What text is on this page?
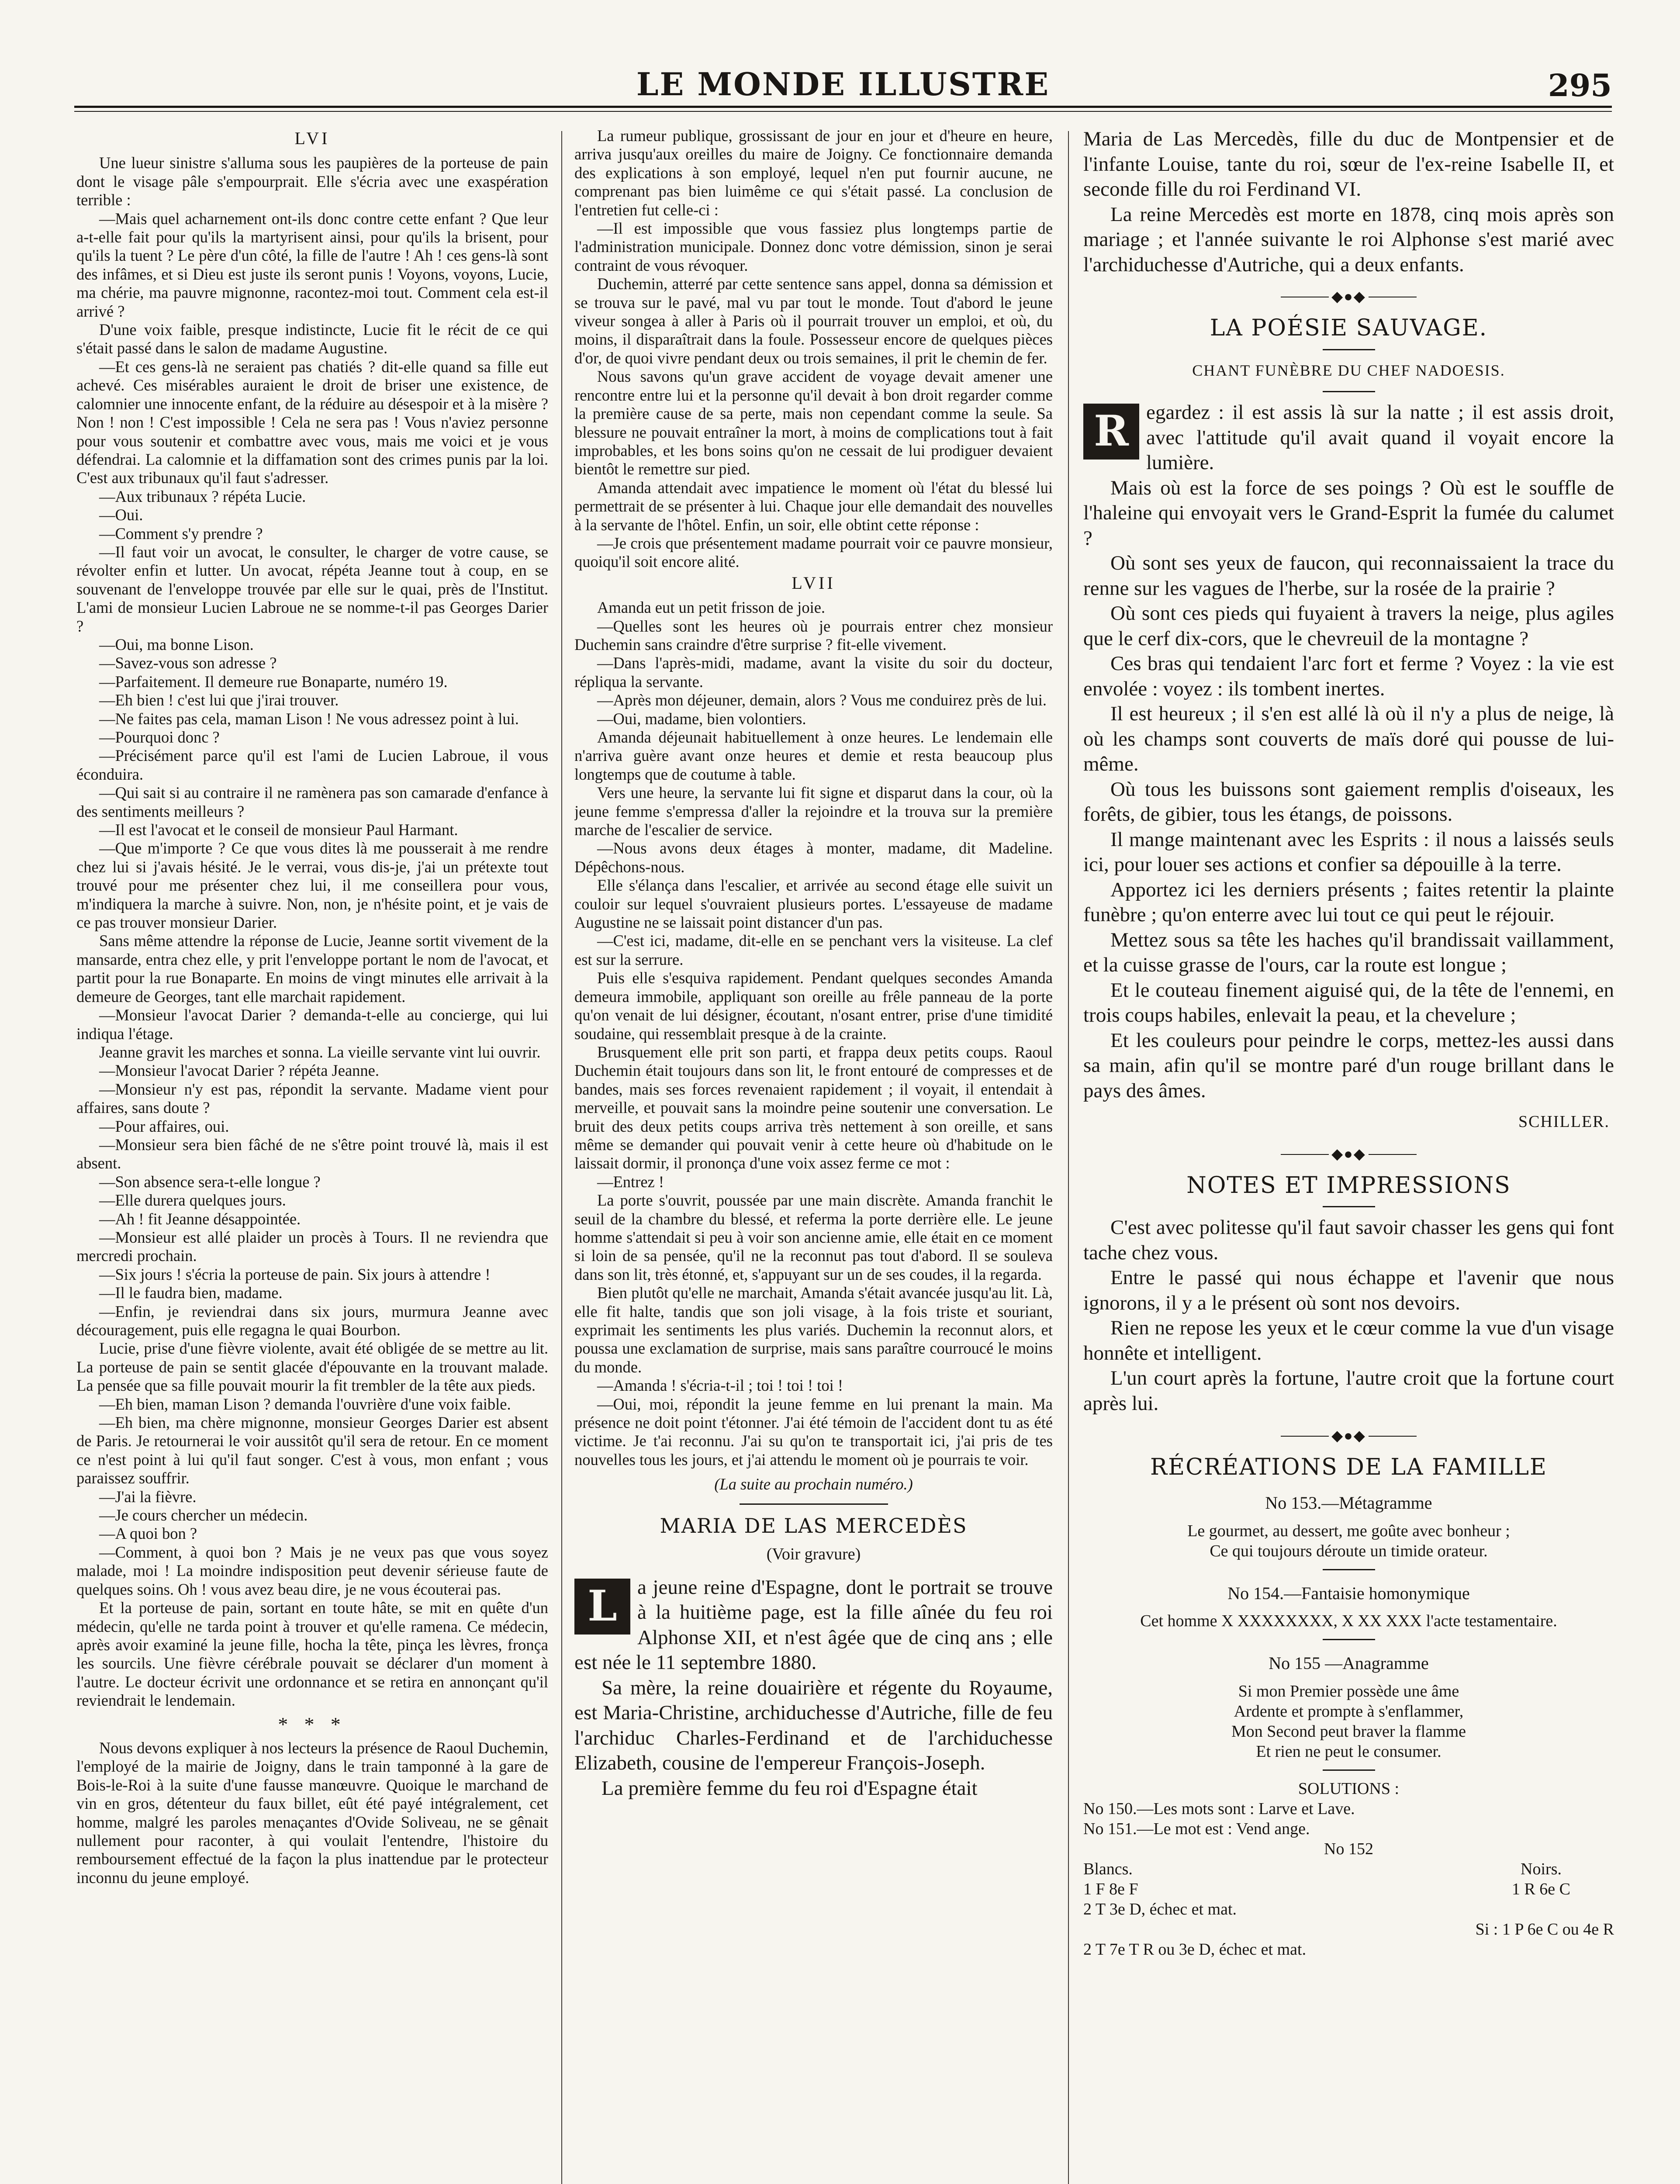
LE MONDE ILLUSTRE	295
LVI

Une lueur sinistre s'alluma sous les paupières de la porteuse de pain dont le visage pâle s'empourprait. Elle s'écria avec une exaspération terrible :

—Mais quel acharnement ont-ils donc contre cette enfant ? Que leur a-t-elle fait pour qu'ils la martyrisent ainsi, pour qu'ils la brisent, pour qu'ils la tuent ? Le père d'un côté, la fille de l'autre ! Ah ! ces gens-là sont des infâmes, et si Dieu est juste ils seront punis ! Voyons, voyons, Lucie, ma chérie, ma pauvre mignonne, racontez-moi tout. Comment cela est-il arrivé ?

D'une voix faible, presque indistincte, Lucie fit le récit de ce qui s'était passé dans le salon de madame Augustine.

—Et ces gens-là ne seraient pas chatiés ? dit-elle quand sa fille eut achevé. Ces misérables auraient le droit de briser une existence, de calomnier une innocente enfant, de la réduire au désespoir et à la misère ? Non ! non ! C'est impossible ! Cela ne sera pas ! Vous n'aviez personne pour vous soutenir et combattre avec vous, mais me voici et je vous défendrai. La calomnie et la diffamation sont des crimes punis par la loi. C'est aux tribunaux qu'il faut s'adresser.

—Aux tribunaux ? répéta Lucie.

—Oui.

—Comment s'y prendre ?

—Il faut voir un avocat, le consulter, le charger de votre cause, se révolter enfin et lutter. Un avocat, répéta Jeanne tout à coup, en se souvenant de l'enveloppe trouvée par elle sur le quai, près de l'Institut. L'ami de monsieur Lucien Labroue ne se nomme-t-il pas Georges Darier ?

—Oui, ma bonne Lison.

—Savez-vous son adresse ?

—Parfaitement. Il demeure rue Bonaparte, numéro 19.

—Eh bien ! c'est lui que j'irai trouver.

—Ne faites pas cela, maman Lison ! Ne vous adressez point à lui.

—Pourquoi donc ?

—Précisément parce qu'il est l'ami de Lucien Labroue, il vous éconduira.

—Qui sait si au contraire il ne ramènera pas son camarade d'enfance à des sentiments meilleurs ?

—Il est l'avocat et le conseil de monsieur Paul Harmant.

—Que m'importe ? Ce que vous dites là me pousserait à me rendre chez lui si j'avais hésité. Je le verrai, vous dis-je, j'ai un prétexte tout trouvé pour me présenter chez lui, il me conseillera pour vous, m'indiquera la marche à suivre. Non, non, je n'hésite point, et je vais de ce pas trouver monsieur Darier.

Sans même attendre la réponse de Lucie, Jeanne sortit vivement de la mansarde, entra chez elle, y prit l'enveloppe portant le nom de l'avocat, et partit pour la rue Bonaparte. En moins de vingt minutes elle arrivait à la demeure de Georges, tant elle marchait rapidement.

—Monsieur l'avocat Darier ? demanda-t-elle au concierge, qui lui indiqua l'étage.

Jeanne gravit les marches et sonna. La vieille servante vint lui ouvrir.

—Monsieur l'avocat Darier ? répéta Jeanne.

—Monsieur n'y est pas, répondit la servante. Madame vient pour affaires, sans doute ?

—Pour affaires, oui.

—Monsieur sera bien fâché de ne s'être point trouvé là, mais il est absent.

—Son absence sera-t-elle longue ?

—Elle durera quelques jours.

—Ah ! fit Jeanne désappointée.

—Monsieur est allé plaider un procès à Tours. Il ne reviendra que mercredi prochain.

—Six jours ! s'écria la porteuse de pain. Six jours à attendre !

—Il le faudra bien, madame.

—Enfin, je reviendrai dans six jours, murmura Jeanne avec découragement, puis elle regagna le quai Bourbon.

Lucie, prise d'une fièvre violente, avait été obligée de se mettre au lit. La porteuse de pain se sentit glacée d'épouvante en la trouvant malade. La pensée que sa fille pouvait mourir la fit trembler de la tête aux pieds.

—Eh bien, maman Lison ? demanda l'ouvrière d'une voix faible.

—Eh bien, ma chère mignonne, monsieur Georges Darier est absent de Paris. Je retournerai le voir aussitôt qu'il sera de retour. En ce moment ce n'est point à lui qu'il faut songer. C'est à vous, mon enfant ; vous paraissez souffrir.

—J'ai la fièvre.

—Je cours chercher un médecin.

—A quoi bon ?

—Comment, à quoi bon ? Mais je ne veux pas que vous soyez malade, moi ! La moindre indisposition peut devenir sérieuse faute de quelques soins. Oh ! vous avez beau dire, je ne vous écouterai pas.

Et la porteuse de pain, sortant en toute hâte, se mit en quête d'un médecin, qu'elle ne tarda point à trouver et qu'elle ramena. Ce médecin, après avoir examiné la jeune fille, hocha la tête, pinça les lèvres, fronça les sourcils. Une fièvre cérébrale pouvait se déclarer d'un moment à l'autre. Le docteur écrivit une ordonnance et se retira en annonçant qu'il reviendrait le lendemain.

* * *

Nous devons expliquer à nos lecteurs la présence de Raoul Duchemin, l'employé de la mairie de Joigny, dans le train tamponné à la gare de Bois-le-Roi à la suite d'une fausse manœuvre. Quoique le marchand de vin en gros, détenteur du faux billet, eût été payé intégralement, cet homme, malgré les paroles menaçantes d'Ovide Soliveau, ne se gênait nullement pour raconter, à qui voulait l'entendre, l'histoire du remboursement effectué de la façon la plus inattendue par le protecteur inconnu du jeune employé.

La rumeur publique, grossissant de jour en jour et d'heure en heure, arriva jusqu'aux oreilles du maire de Joigny. Ce fonctionnaire demanda des explications à son employé, lequel n'en put fournir aucune, ne comprenant pas bien luimême ce qui s'était passé. La conclusion de l'entretien fut celle-ci :

—Il est impossible que vous fassiez plus longtemps partie de l'administration municipale. Donnez donc votre démission, sinon je serai contraint de vous révoquer.

Duchemin, atterré par cette sentence sans appel, donna sa démission et se trouva sur le pavé, mal vu par tout le monde. Tout d'abord le jeune viveur songea à aller à Paris où il pourrait trouver un emploi, et où, du moins, il disparaîtrait dans la foule. Possesseur encore de quelques pièces d'or, de quoi vivre pendant deux ou trois semaines, il prit le chemin de fer.

Nous savons qu'un grave accident de voyage devait amener une rencontre entre lui et la personne qu'il devait à bon droit regarder comme la première cause de sa perte, mais non cependant comme la seule. Sa blessure ne pouvait entraîner la mort, à moins de complications tout à fait improbables, et les bons soins qu'on ne cessait de lui prodiguer devaient bientôt le remettre sur pied.

Amanda attendait avec impatience le moment où l'état du blessé lui permettrait de se présenter à lui. Chaque jour elle demandait des nouvelles à la servante de l'hôtel. Enfin, un soir, elle obtint cette réponse :

—Je crois que présentement madame pourrait voir ce pauvre monsieur, quoiqu'il soit encore alité.

LVII

Amanda eut un petit frisson de joie.

—Quelles sont les heures où je pourrais entrer chez monsieur Duchemin sans craindre d'être surprise ? fit-elle vivement.

—Dans l'après-midi, madame, avant la visite du soir du docteur, répliqua la servante.

—Après mon déjeuner, demain, alors ? Vous me conduirez près de lui.

—Oui, madame, bien volontiers.

Amanda déjeunait habituellement à onze heures. Le lendemain elle n'arriva guère avant onze heures et demie et resta beaucoup plus longtemps que de coutume à table.

Vers une heure, la servante lui fit signe et disparut dans la cour, où la jeune femme s'empressa d'aller la rejoindre et la trouva sur la première marche de l'escalier de service.

—Nous avons deux étages à monter, madame, dit Madeline. Dépêchons-nous.

Elle s'élança dans l'escalier, et arrivée au second étage elle suivit un couloir sur lequel s'ouvraient plusieurs portes. L'essayeuse de madame Augustine ne se laissait point distancer d'un pas.

—C'est ici, madame, dit-elle en se penchant vers la visiteuse. La clef est sur la serrure.

Puis elle s'esquiva rapidement. Pendant quelques secondes Amanda demeura immobile, appliquant son oreille au frêle panneau de la porte qu'on venait de lui désigner, écoutant, n'osant entrer, prise d'une timidité soudaine, qui ressemblait presque à de la crainte.

Brusquement elle prit son parti, et frappa deux petits coups. Raoul Duchemin était toujours dans son lit, le front entouré de compresses et de bandes, mais ses forces revenaient rapidement ; il voyait, il entendait à merveille, et pouvait sans la moindre peine soutenir une conversation. Le bruit des deux petits coups arriva très nettement à son oreille, et sans même se demander qui pouvait venir à cette heure où d'habitude on le laissait dormir, il prononça d'une voix assez ferme ce mot :

—Entrez !

La porte s'ouvrit, poussée par une main discrète. Amanda franchit le seuil de la chambre du blessé, et referma la porte derrière elle. Le jeune homme s'attendait si peu à voir son ancienne amie, elle était en ce moment si loin de sa pensée, qu'il ne la reconnut pas tout d'abord. Il se souleva dans son lit, très étonné, et, s'appuyant sur un de ses coudes, il la regarda.

Bien plutôt qu'elle ne marchait, Amanda s'était avancée jusqu'au lit. Là, elle fit halte, tandis que son joli visage, à la fois triste et souriant, exprimait les sentiments les plus variés. Duchemin la reconnut alors, et poussa une exclamation de surprise, mais sans paraître courroucé le moins du monde.

—Amanda ! s'écria-t-il ; toi ! toi ! toi !

—Oui, moi, répondit la jeune femme en lui prenant la main. Ma présence ne doit point t'étonner. J'ai été témoin de l'accident dont tu as été victime. Je t'ai reconnu. J'ai su qu'on te transportait ici, j'ai pris de tes nouvelles tous les jours, et j'ai attendu le moment où je pourrais te voir.

(La suite au prochain numéro.)
MARIA DE LAS MERCEDÈS
(Voir gravure)

L a jeune reine d'Espagne, dont le portrait se trouve à la huitième page, est la fille aînée du feu roi Alphonse XII, et n'est âgée que de cinq ans ; elle est née le 11 septembre 1880.

Sa mère, la reine douairière et régente du Royaume, est Maria-Christine, archiduchesse d'Autriche, fille de feu l'archiduc Charles-Ferdinand et de l'archiduchesse Elizabeth, cousine de l'empereur François-Joseph.

La première femme du feu roi d'Espagne était

Maria de Las Mercedès, fille du duc de Montpensier et de l'infante Louise, tante du roi, sœur de l'ex-reine Isabelle II, et seconde fille du roi Ferdinand VI.

La reine Mercedès est morte en 1878, cinq mois après son mariage ; et l'année suivante le roi Alphonse s'est marié avec l'archiduchesse d'Autriche, qui a deux enfants.

◆●◆
LA POÉSIE SAUVAGE.
CHANT FUNÈBRE DU CHEF NADOESIS.

R egardez : il est assis là sur la natte ; il est assis droit, avec l'attitude qu'il avait quand il voyait encore la lumière.

Mais où est la force de ses poings ? Où est le souffle de l'haleine qui envoyait vers le Grand-Esprit la fumée du calumet ?

Où sont ses yeux de faucon, qui reconnaissaient la trace du renne sur les vagues de l'herbe, sur la rosée de la prairie ?

Où sont ces pieds qui fuyaient à travers la neige, plus agiles que le cerf dix-cors, que le chevreuil de la montagne ?

Ces bras qui tendaient l'arc fort et ferme ? Voyez : la vie est envolée : voyez : ils tombent inertes.

Il est heureux ; il s'en est allé là où il n'y a plus de neige, là où les champs sont couverts de maïs doré qui pousse de lui-même.

Où tous les buissons sont gaiement remplis d'oiseaux, les forêts, de gibier, tous les étangs, de poissons.

Il mange maintenant avec les Esprits : il nous a laissés seuls ici, pour louer ses actions et confier sa dépouille à la terre.

Apportez ici les derniers présents ; faites retentir la plainte funèbre ; qu'on enterre avec lui tout ce qui peut le réjouir.

Mettez sous sa tête les haches qu'il brandissait vaillamment, et la cuisse grasse de l'ours, car la route est longue ;

Et le couteau finement aiguisé qui, de la tête de l'ennemi, en trois coups habiles, enlevait la peau, et la chevelure ;

Et les couleurs pour peindre le corps, mettez-les aussi dans sa main, afin qu'il se montre paré d'un rouge brillant dans le pays des âmes.

SCHILLER.
◆●◆
NOTES ET IMPRESSIONS

C'est avec politesse qu'il faut savoir chasser les gens qui font tache chez vous.

Entre le passé qui nous échappe et l'avenir que nous ignorons, il y a le présent où sont nos devoirs.

Rien ne repose les yeux et le cœur comme la vue d'un visage honnête et intelligent.

L'un court après la fortune, l'autre croit que la fortune court après lui.

◆●◆
RÉCRÉATIONS DE LA FAMILLE
No 153.—Métagramme
Le gourmet, au dessert, me goûte avec bonheur ;
Ce qui toujours déroute un timide orateur.
No 154.—Fantaisie homonymique
Cet homme X XXXXXXXX, X XX XXX l'acte testamentaire.
No 155 —Anagramme
Si mon Premier possède une âme
Ardente et prompte à s'enflammer,
Mon Second peut braver la flamme
Et rien ne peut le consumer.
SOLUTIONS :
No 150.—Les mots sont : Larve et Lave.
No 151.—Le mot est : Vend ange.
No 152
Blancs.	Noirs.
1 F 8e F	1 R 6e C
2 T 3e D, échec et mat.
Si : 1 P 6e C ou 4e R
2 T 7e T R ou 3e D, échec et mat.
